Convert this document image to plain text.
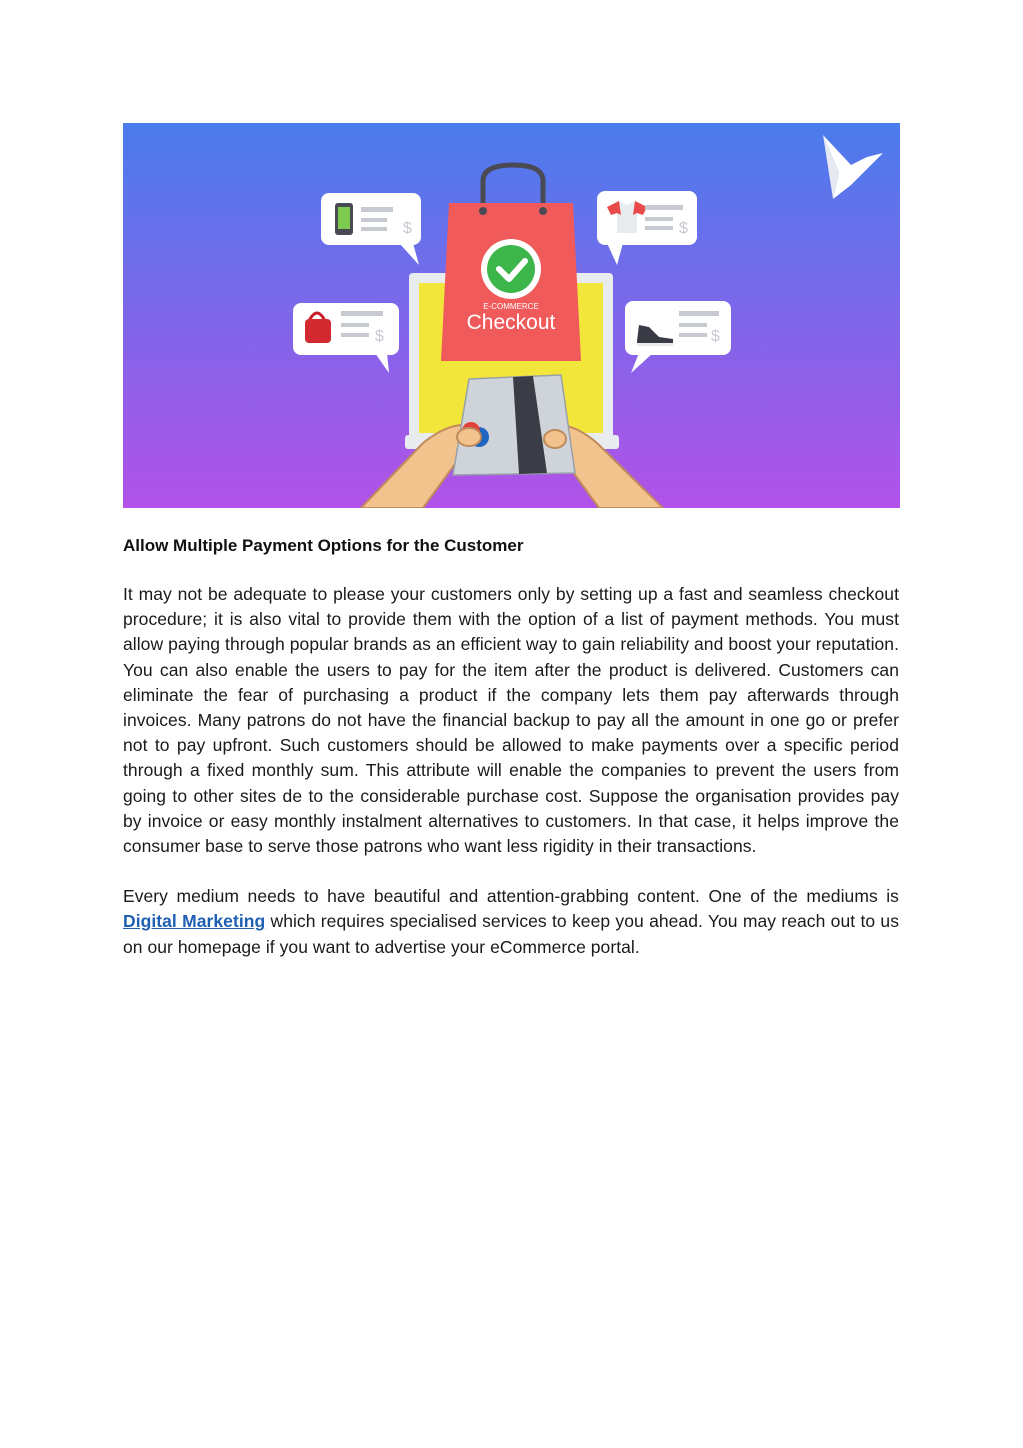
E-COMMERCE
Checkout
$	$
$	$
Allow Multiple Payment Options for the Customer

It may not be adequate to please your customers only by setting up a fast and seamless checkout procedure; it is also vital to provide them with the option of a list of payment methods. You must allow paying through popular brands as an efficient way to gain reliability and boost your reputation. You can also enable the users to pay for the item after the product is delivered. Customers can eliminate the fear of purchasing a product if the company lets them pay afterwards through invoices. Many patrons do not have the financial backup to pay all the amount in one go or prefer not to pay upfront. Such customers should be allowed to make payments over a specific period through a fixed monthly sum. This attribute will enable the companies to prevent the users from going to other sites de to the considerable purchase cost. Suppose the organisation provides pay by invoice or easy monthly instalment alternatives to customers. In that case, it helps improve the consumer base to serve those patrons who want less rigidity in their transactions.

Every medium needs to have beautiful and attention-grabbing content. One of the mediums is Digital Marketing which requires specialised services to keep you ahead. You may reach out to us on our homepage if you want to advertise your eCommerce portal.
